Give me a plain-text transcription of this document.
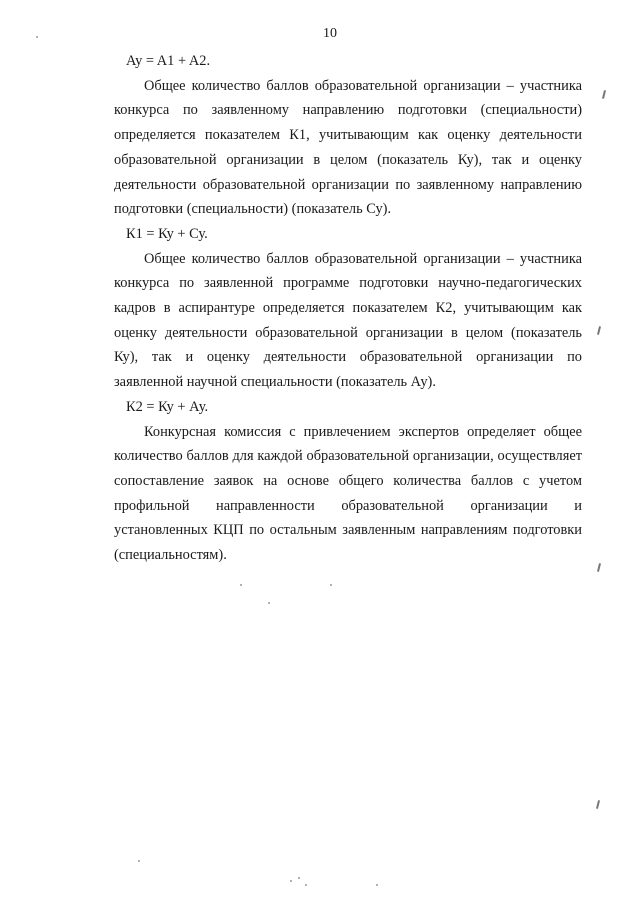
10

Ay = A1 + A2.

Общее количество баллов образовательной организации – участника конкурса по заявленному направлению подготовки (специальности) определяется показателем К1, учитывающим как оценку деятельности образовательной организации в целом (показатель Ку), так и оценку деятельности образовательной организации по заявленному направлению подготовки (специальности) (показатель Су).

К1 = Ку + Су.

Общее количество баллов образовательной организации – участника конкурса по заявленной программе подготовки научно-педагогических кадров в аспирантуре определяется показателем К2, учитывающим как оценку деятельности образовательной организации в целом (показатель Ку), так и оценку деятельности образовательной организации по заявленной научной специальности (показатель Ау).

К2 = Ку + Ау.

Конкурсная комиссия с привлечением экспертов определяет общее количество баллов для каждой образовательной организации, осуществляет сопоставление заявок на основе общего количества баллов с учетом профильной направленности образовательной организации и установленных КЦП по остальным заявленным направлениям подготовки (специальностям).
